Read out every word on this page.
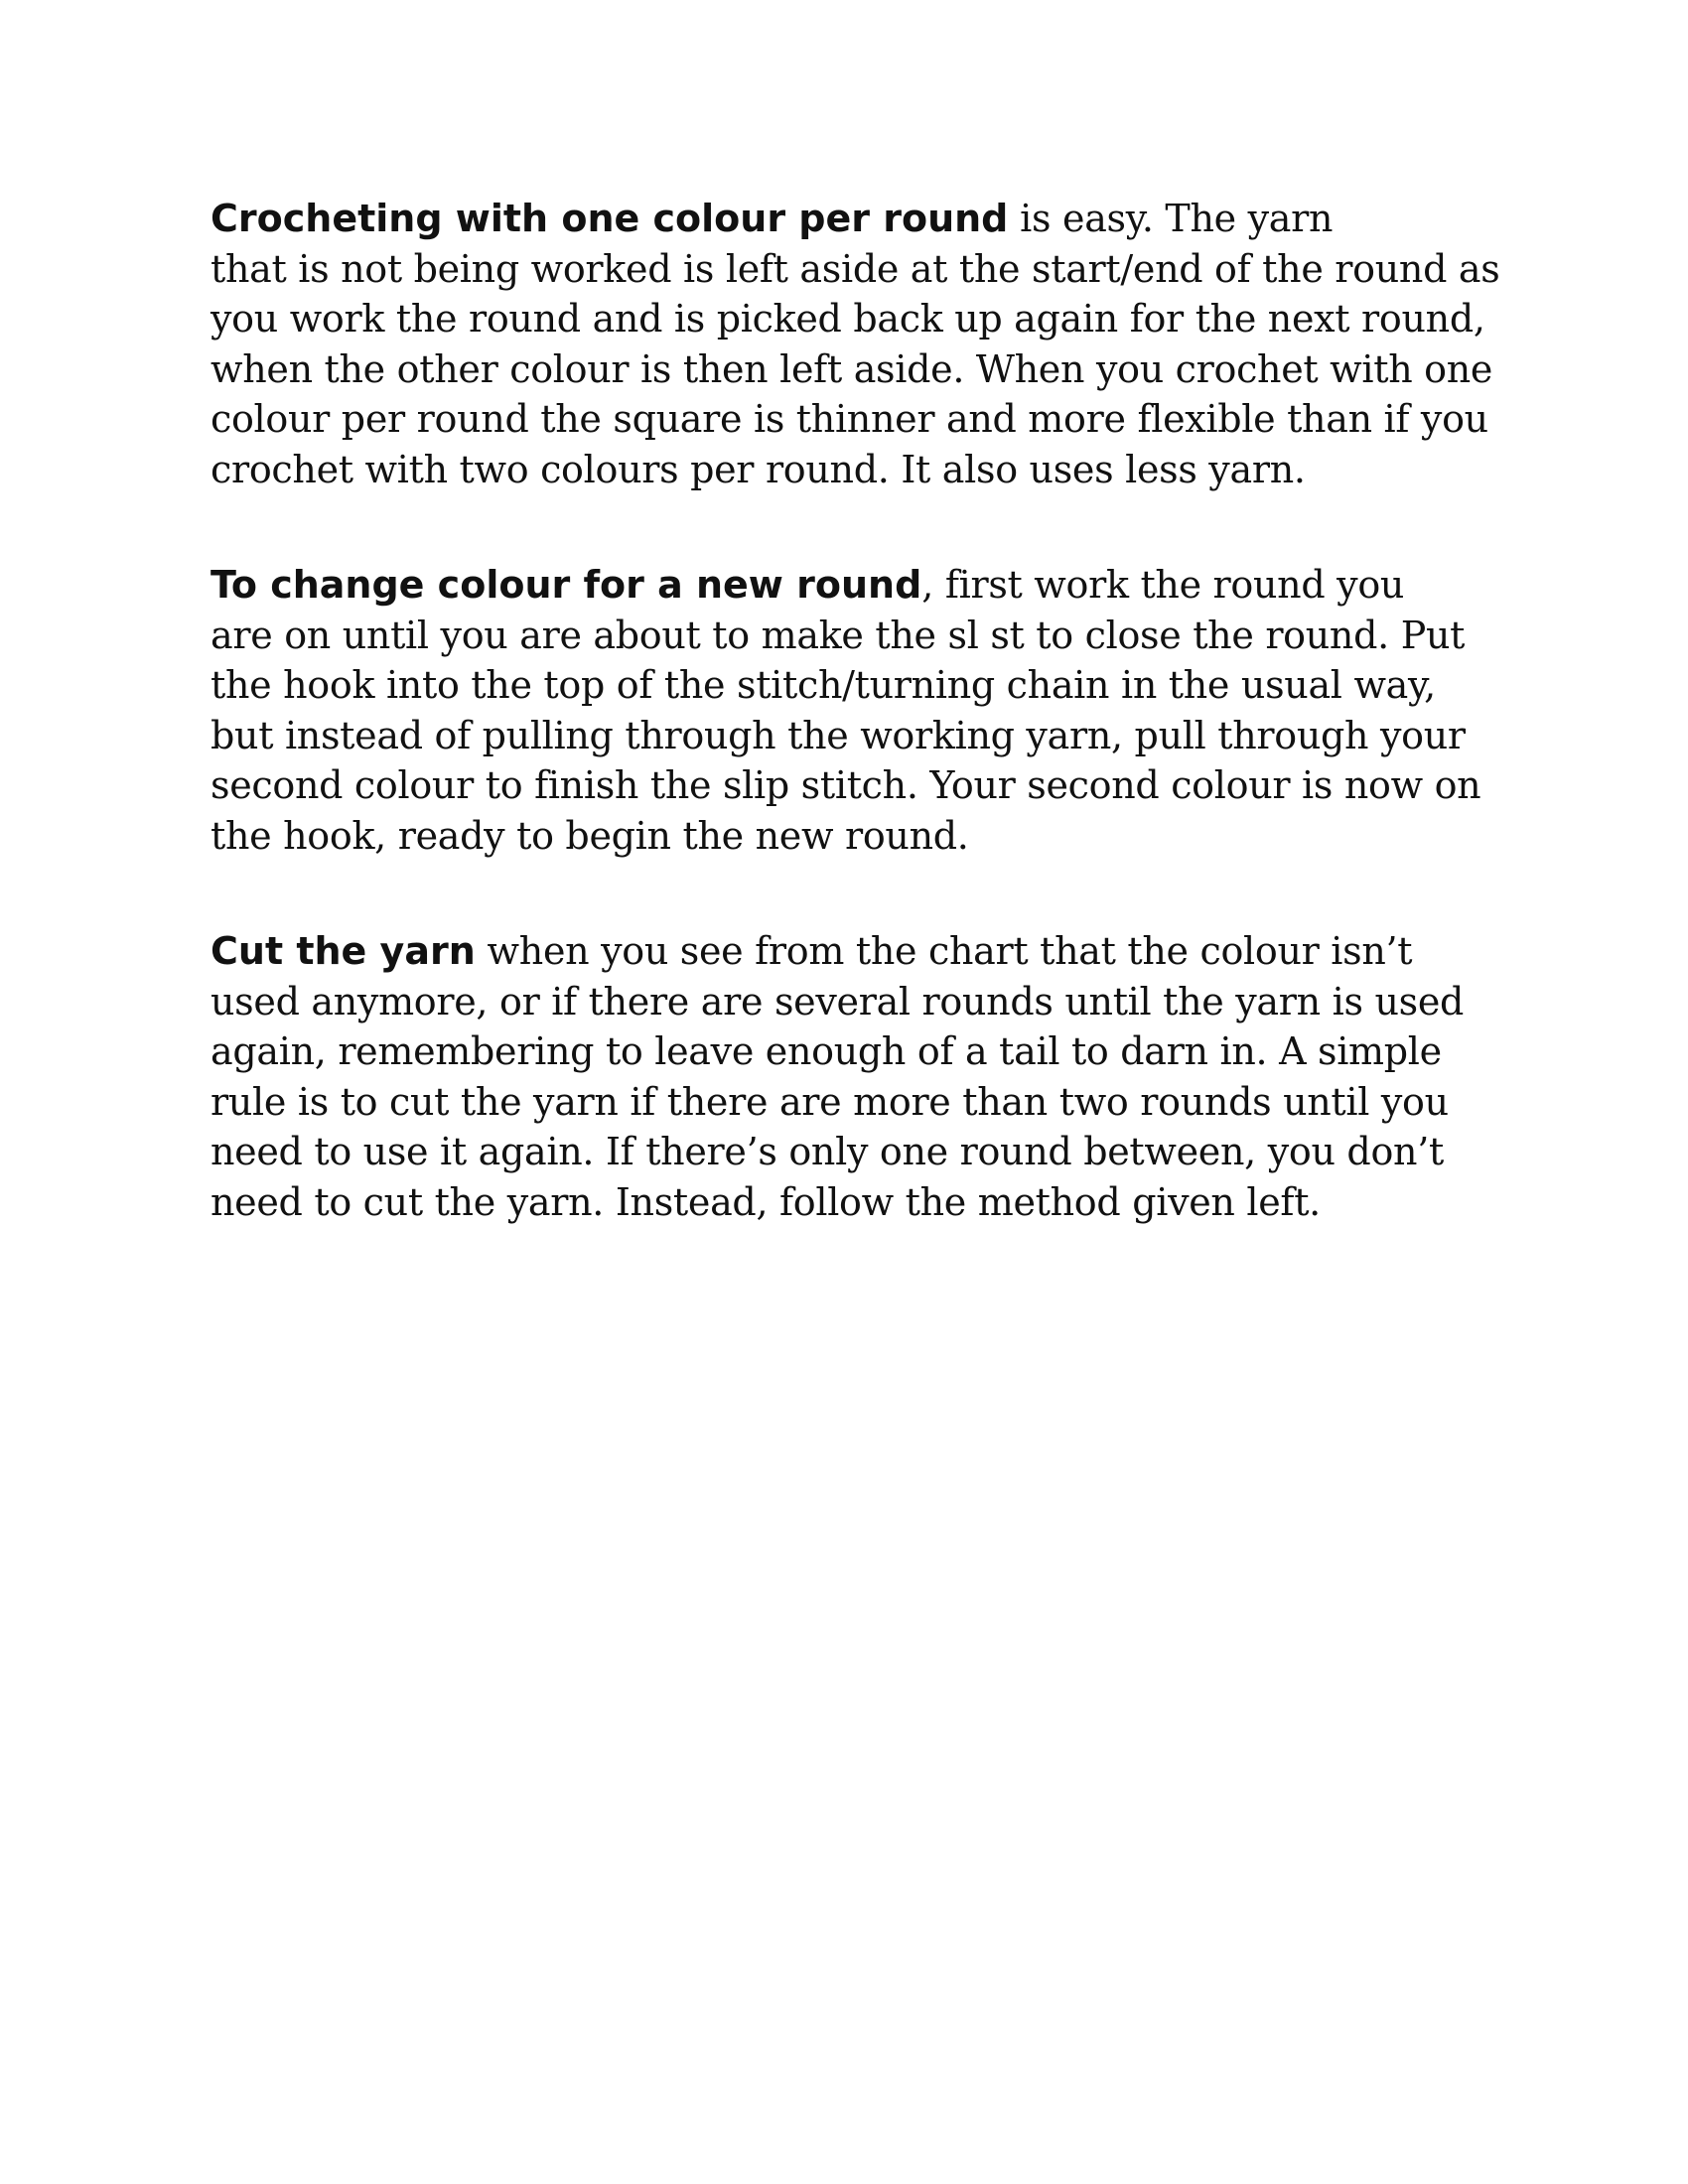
Crocheting with one colour per round is easy. The yarn
that is not being worked is left aside at the start/end of the round as
you work the round and is picked back up again for the next round,
when the other colour is then left aside. When you crochet with one
colour per round the square is thinner and more flexible than if you
crochet with two colours per round. It also uses less yarn.

To change colour for a new round, first work the round you
are on until you are about to make the sl st to close the round. Put
the hook into the top of the stitch/turning chain in the usual way,
but instead of pulling through the working yarn, pull through your
second colour to finish the slip stitch. Your second colour is now on
the hook, ready to begin the new round.

Cut the yarn when you see from the chart that the colour isn’t
used anymore, or if there are several rounds until the yarn is used
again, remembering to leave enough of a tail to darn in. A simple
rule is to cut the yarn if there are more than two rounds until you
need to use it again. If there’s only one round between, you don’t
need to cut the yarn. Instead, follow the method given left.
